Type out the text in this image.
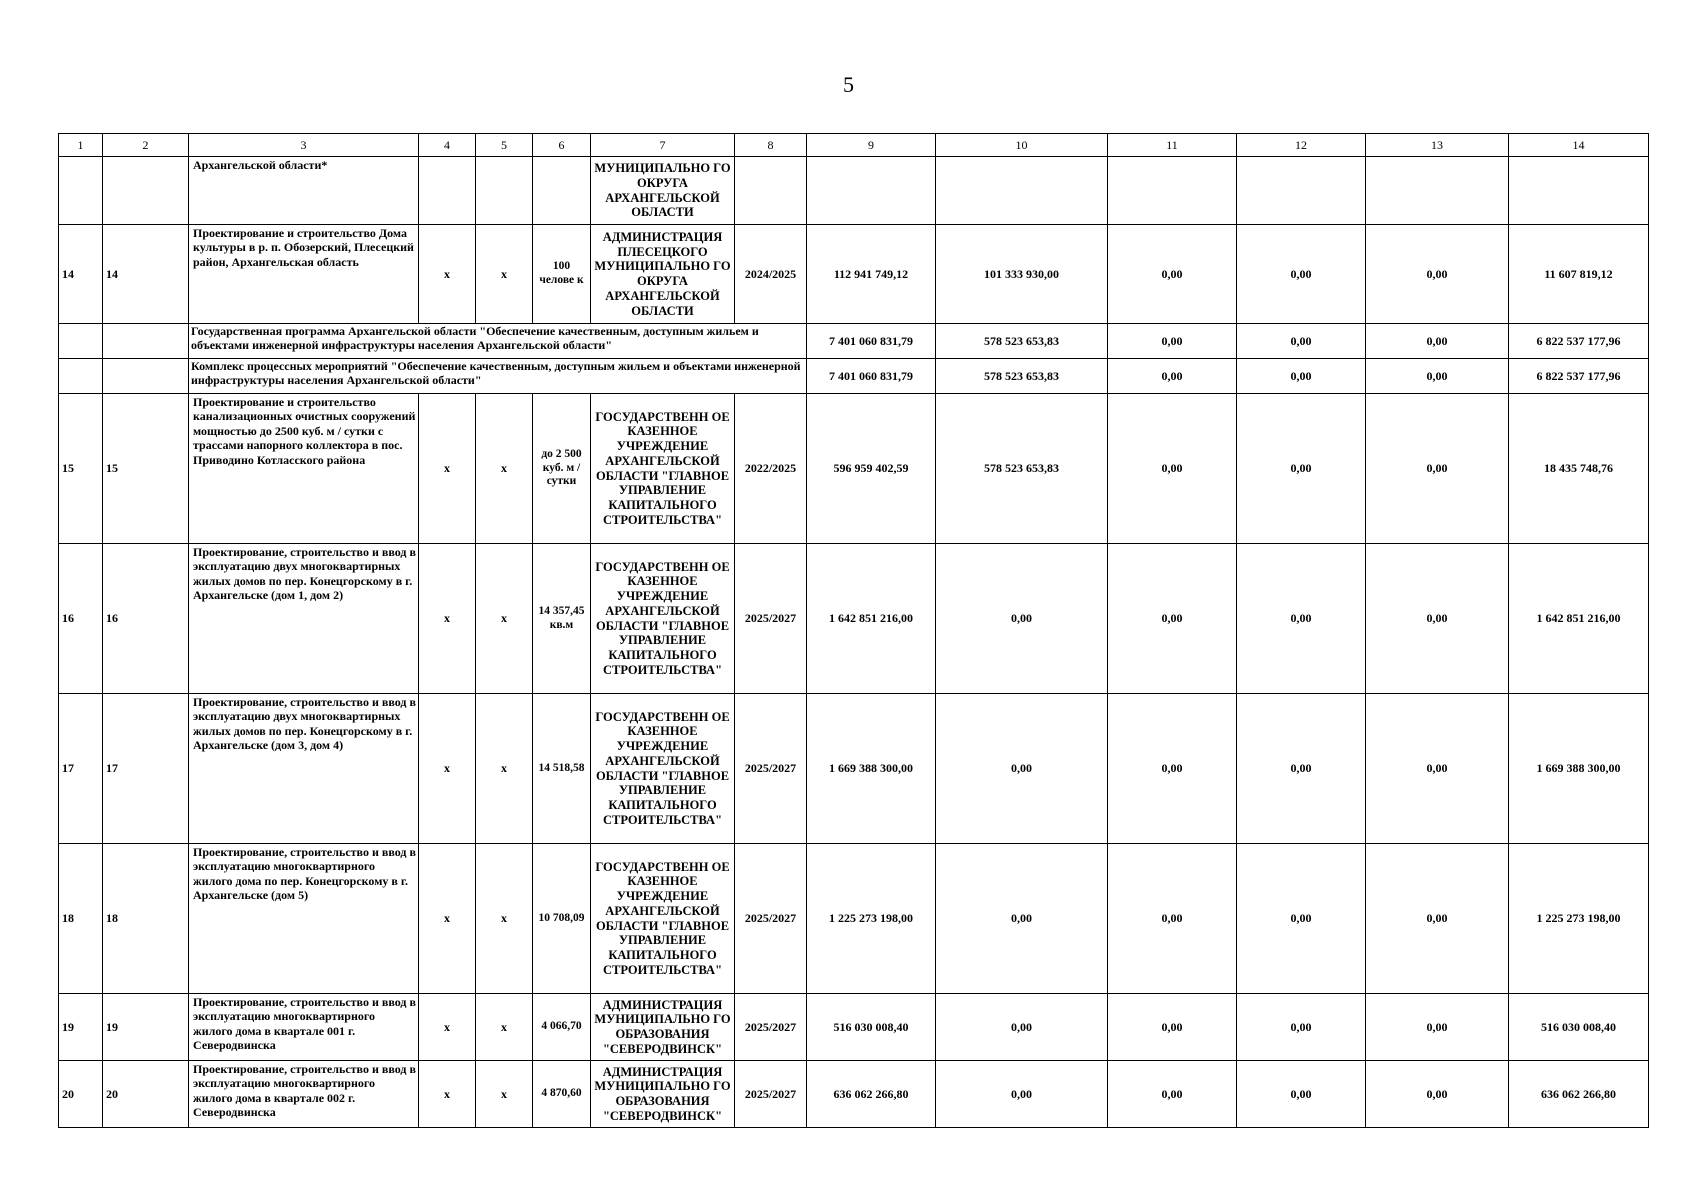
5
1	2	3	4	5	6	7	8	9	10	11	12	13	14
		Архангельской области*				МУНИЦИПАЛЬНО ГО ОКРУГА АРХАНГЕЛЬСКОЙ ОБЛАСТИ							
14	14	Проектирование и строительство Дома культуры в р. п. Обозерский, Плесецкий район, Архангельская область	x	x	100 челове к	АДМИНИСТРАЦИЯ ПЛЕСЕЦКОГО МУНИЦИПАЛЬНО ГО ОКРУГА АРХАНГЕЛЬСКОЙ ОБЛАСТИ	2024/2025	112 941 749,12	101 333 930,00	0,00	0,00	0,00	11 607 819,12
		Государственная программа Архангельской области "Обеспечение качественным, доступным жильем и объектами инженерной инфраструктуры населения Архангельской области"						7 401 060 831,79	578 523 653,83	0,00	0,00	0,00	6 822 537 177,96
		Комплекс процессных мероприятий "Обеспечение качественным, доступным жильем и объектами инженерной инфраструктуры населения Архангельской области"						7 401 060 831,79	578 523 653,83	0,00	0,00	0,00	6 822 537 177,96
15	15	Проектирование и строительство канализационных очистных сооружений мощностью до 2500 куб. м / сутки с трассами напорного коллектора в пос. Приводино Котласского района	x	x	до 2 500 куб. м / сутки	ГОСУДАРСТВЕНН ОЕ КАЗЕННОЕ УЧРЕЖДЕНИЕ АРХАНГЕЛЬСКОЙ ОБЛАСТИ "ГЛАВНОЕ УПРАВЛЕНИЕ КАПИТАЛЬНОГО СТРОИТЕЛЬСТВА"	2022/2025	596 959 402,59	578 523 653,83	0,00	0,00	0,00	18 435 748,76
16	16	Проектирование, строительство и ввод в эксплуатацию двух многоквартирных жилых домов по пер. Конецгорскому в г. Архангельске (дом 1, дом 2)	x	x	14 357,45 кв.м	ГОСУДАРСТВЕНН ОЕ КАЗЕННОЕ УЧРЕЖДЕНИЕ АРХАНГЕЛЬСКОЙ ОБЛАСТИ "ГЛАВНОЕ УПРАВЛЕНИЕ КАПИТАЛЬНОГО СТРОИТЕЛЬСТВА"	2025/2027	1 642 851 216,00	0,00	0,00	0,00	0,00	1 642 851 216,00
17	17	Проектирование, строительство и ввод в эксплуатацию двух многоквартирных жилых домов по пер. Конецгорскому в г. Архангельске (дом 3, дом 4)	x	x	14 518,58	ГОСУДАРСТВЕНН ОЕ КАЗЕННОЕ УЧРЕЖДЕНИЕ АРХАНГЕЛЬСКОЙ ОБЛАСТИ "ГЛАВНОЕ УПРАВЛЕНИЕ КАПИТАЛЬНОГО СТРОИТЕЛЬСТВА"	2025/2027	1 669 388 300,00	0,00	0,00	0,00	0,00	1 669 388 300,00
18	18	Проектирование, строительство и ввод в эксплуатацию многоквартирного жилого дома по пер. Конецгорскому в г. Архангельске (дом 5)	x	x	10 708,09	ГОСУДАРСТВЕНН ОЕ КАЗЕННОЕ УЧРЕЖДЕНИЕ АРХАНГЕЛЬСКОЙ ОБЛАСТИ "ГЛАВНОЕ УПРАВЛЕНИЕ КАПИТАЛЬНОГО СТРОИТЕЛЬСТВА"	2025/2027	1 225 273 198,00	0,00	0,00	0,00	0,00	1 225 273 198,00
19	19	Проектирование, строительство и ввод в эксплуатацию многоквартирного жилого дома в квартале 001 г. Северодвинска	x	x	4 066,70	АДМИНИСТРАЦИЯ МУНИЦИПАЛЬНО ГО ОБРАЗОВАНИЯ "СЕВЕРОДВИНСК"	2025/2027	516 030 008,40	0,00	0,00	0,00	0,00	516 030 008,40
20	20	Проектирование, строительство и ввод в эксплуатацию многоквартирного жилого дома в квартале 002 г. Северодвинска	x	x	4 870,60	АДМИНИСТРАЦИЯ МУНИЦИПАЛЬНО ГО ОБРАЗОВАНИЯ "СЕВЕРОДВИНСК"	2025/2027	636 062 266,80	0,00	0,00	0,00	0,00	636 062 266,80
